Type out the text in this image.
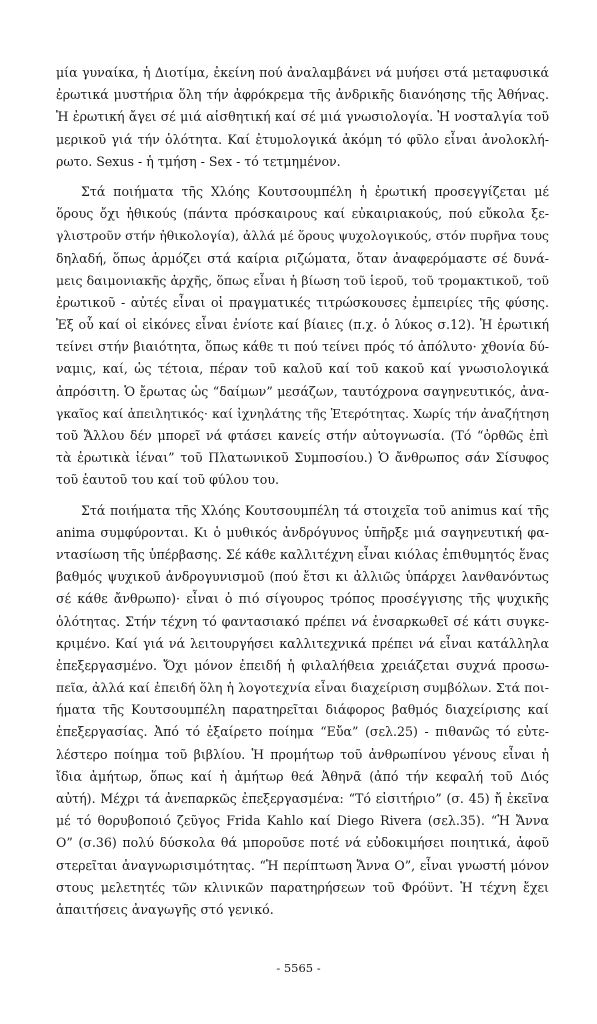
μία γυναίκα, ἡ Διοτίμα, ἐκείνη πού ἀναλαμβάνει νά μυήσει στά μεταφυσικά
ἐρωτικά μυστήρια ὅλη τήν ἀφρόκρεμα τῆς ἀνδρικῆς διανόησης τῆς Ἀθήνας.
Ἡ ἐρωτική ἄγει σέ μιά αἰσθητική καί σέ μιά γνωσιολογία. Ἡ νοσταλγία τοῦ
μερικοῦ γιά τήν ὁλότητα. Καί ἐτυμολογικά ἀκόμη τό φῦλο εἶναι ἀνολοκλή-
ρωτο. Sexus - ἡ τμήση - Sex - τό τετμημένον.
Στά ποιήματα τῆς Χλόης Κουτσουμπέλη ἡ ἐρωτική προσεγγίζεται μέ
ὅρους ὄχι ἠθικούς (πάντα πρόσκαιρους καί εὐκαιριακούς, πού εὔκολα ξε-
γλιστροῦν στήν ἠθικολογία), ἀλλά μέ ὅρους ψυχολογικούς, στόν πυρῆνα τους
δηλαδή, ὅπως ἁρμόζει στά καίρια ριζώματα, ὅταν ἀναφερόμαστε σέ δυνά-
μεις δαιμονιακῆς ἀρχῆς, ὅπως εἶναι ἡ βίωση τοῦ ἱεροῦ, τοῦ τρομακτικοῦ, τοῦ
ἐρωτικοῦ - αὐτές εἶναι οἱ πραγματικές τιτρώσκουσες ἐμπειρίες τῆς φύσης.
Ἐξ οὗ καί οἱ εἰκόνες εἶναι ἐνίοτε καί βίαιες (π.χ. ὁ λύκος σ.12). Ἡ ἐρωτική
τείνει στήν βιαιότητα, ὅπως κάθε τι πού τείνει πρός τό ἀπόλυτο· χθονία δύ-
ναμις, καί, ὡς τέτοια, πέραν τοῦ καλοῦ καί τοῦ κακοῦ καί γνωσιολογικά
ἀπρόσιτη. Ὁ ἔρωτας ὡς “δαίμων” μεσάζων, ταυτόχρονα σαγηνευτικός, ἀνα-
γκαῖος καί ἀπειλητικός· καί ἰχνηλάτης τῆς Ἑτερότητας. Χωρίς τήν ἀναζήτηση
τοῦ Ἄλλου δέν μπορεῖ νά φτάσει κανείς στήν αὐτογνωσία. (Τό “ὀρθῶς ἐπὶ
τὰ ἐρωτικὰ ἰέναι” τοῦ Πλατωνικοῦ Συμποσίου.) Ὁ ἄνθρωπος σάν Σίσυφος
τοῦ ἑαυτοῦ του καί τοῦ φύλου του.
Στά ποιήματα τῆς Χλόης Κουτσουμπέλη τά στοιχεῖα τοῦ animus καί τῆς
anima συμφύρονται. Κι ὁ μυθικός ἀνδρόγυνος ὑπῆρξε μιά σαγηνευτική φα-
ντασίωση τῆς ὑπέρβασης. Σέ κάθε καλλιτέχνη εἶναι κιόλας ἐπιθυμητός ἕνας
βαθμός ψυχικοῦ ἀνδρογυνισμοῦ (πού ἔτσι κι ἀλλιῶς ὑπάρχει λανθανόντως
σέ κάθε ἄνθρωπο)· εἶναι ὁ πιό σίγουρος τρόπος προσέγγισης τῆς ψυχικῆς
ὁλότητας. Στήν τέχνη τό φαντασιακό πρέπει νά ἐνσαρκωθεῖ σέ κάτι συγκε-
κριμένο. Καί γιά νά λειτουργήσει καλλιτεχνικά πρέπει νά εἶναι κατάλληλα
ἐπεξεργασμένο. Ὄχι μόνον ἐπειδή ἡ φιλαλήθεια χρειάζεται συχνά προσω-
πεῖα, ἀλλά καί ἐπειδή ὅλη ἡ λογοτεχνία εἶναι διαχείριση συμβόλων. Στά ποι-
ήματα τῆς Κουτσουμπέλη παρατηρεῖται διάφορος βαθμός διαχείρισης καί
ἐπεξεργασίας. Ἀπό τό ἐξαίρετο ποίημα “Εὔα” (σελ.25) - πιθανῶς τό εὐτε-
λέστερο ποίημα τοῦ βιβλίου. Ἡ προμήτωρ τοῦ ἀνθρωπίνου γένους εἶναι ἡ
ἴδια ἀμήτωρ, ὅπως καί ἡ ἀμήτωρ θεά Ἀθηνᾶ (ἀπό τήν κεφαλή τοῦ Διός
αὐτή). Μέχρι τά ἀνεπαρκῶς ἐπεξεργασμένα: “Τό εἰσιτήριο” (σ. 45) ἤ ἐκεῖνα
μέ τό θορυβοποιό ζεῦγος Frida Kahlo καί Diego Rivera (σελ.35). “Ἡ Ἄννα
Ο” (σ.36) πολύ δύσκολα θά μποροῦσε ποτέ νά εὐδοκιμήσει ποιητικά, ἀφοῦ
στερεῖται ἀναγνωρισιμότητας. “Ἡ περίπτωση Ἄννα Ο”, εἶναι γνωστή μόνον
στους μελετητές τῶν κλινικῶν παρατηρήσεων τοῦ Φρόϋντ. Ἡ τέχνη ἔχει
ἀπαιτήσεις ἀναγωγῆς στό γενικό.
- 5565 -
